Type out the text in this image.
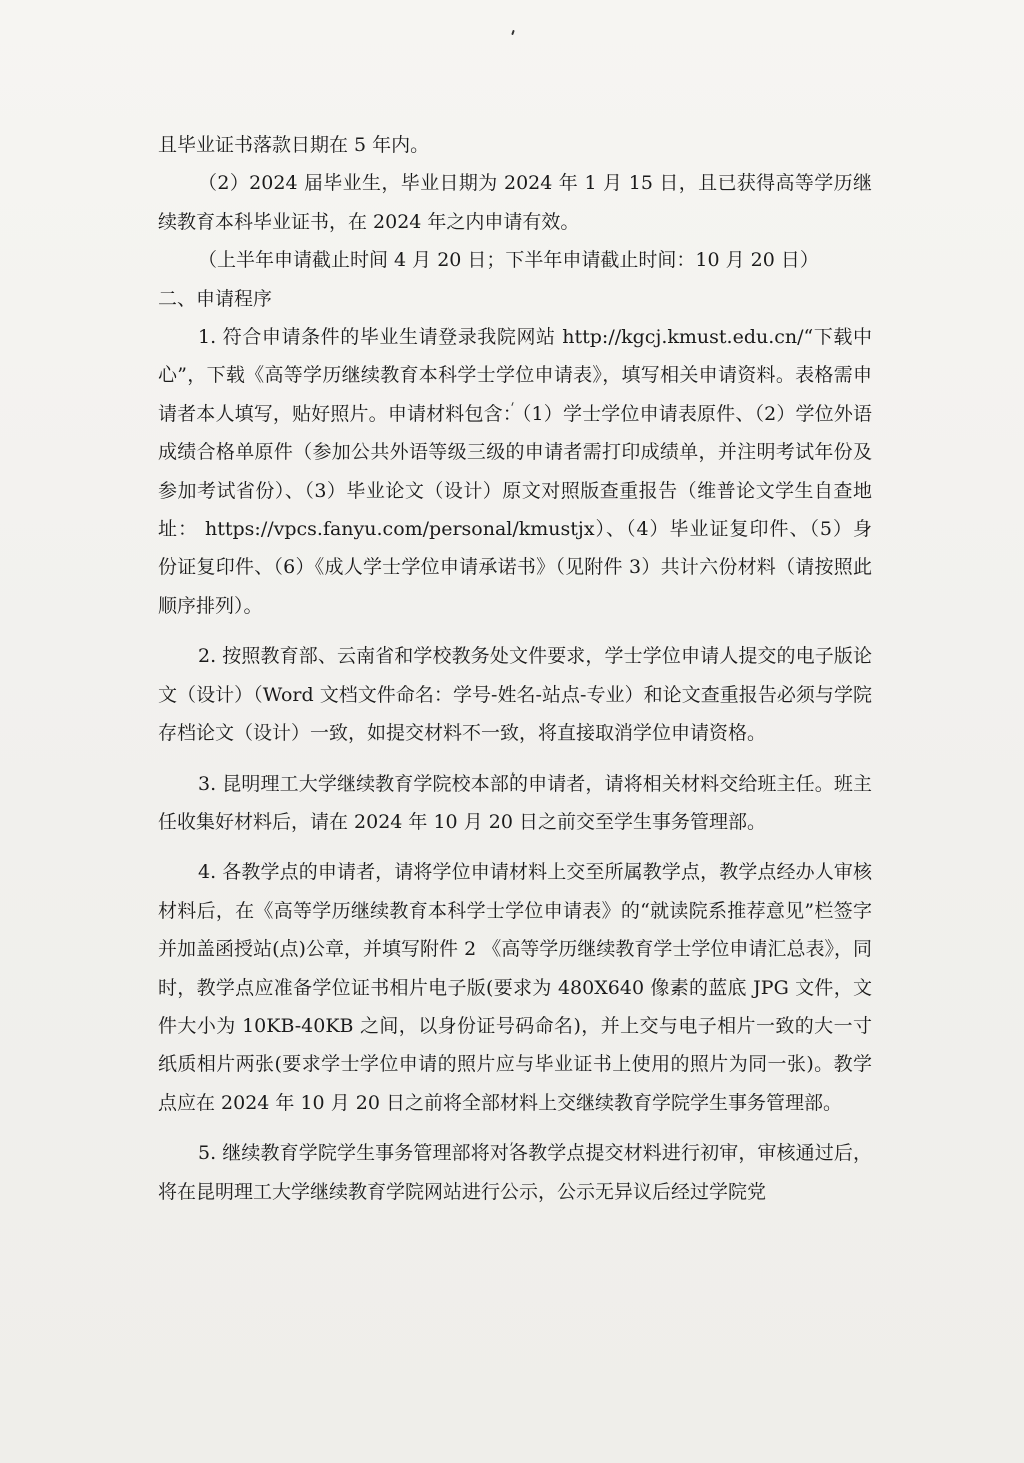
且毕业证书落款日期在 5 年内。

（2）2024 届毕业生，毕业日期为 2024 年 1 月 15 日，且已获得高等学历继续教育本科毕业证书，在 2024 年之内申请有效。

（上半年申请截止时间 4 月 20 日；下半年申请截止时间：10 月 20 日）

二、申请程序

1. 符合申请条件的毕业生请登录我院网站 http://kgcj.kmust.edu.cn/“下载中心”，下载《高等学历继续教育本科学士学位申请表》，填写相关申请资料。表格需申请者本人填写，贴好照片。申请材料包含：（1）学士学位申请表原件、（2）学位外语成绩合格单原件（参加公共外语等级三级的申请者需打印成绩单，并注明考试年份及参加考试省份）、（3）毕业论文（设计）原文对照版查重报告（维普论文学生自查地址： https://vpcs.fanyu.com/personal/kmustjx）、（4）毕业证复印件、（5）身份证复印件、（6）《成人学士学位申请承诺书》（见附件 3）共计六份材料（请按照此顺序排列）。

2. 按照教育部、云南省和学校教务处文件要求，学士学位申请人提交的电子版论文（设计）（Word 文档文件命名：学号-姓名-站点-专业）和论文查重报告必须与学院存档论文（设计）一致，如提交材料不一致，将直接取消学位申请资格。

3. 昆明理工大学继续教育学院校本部的申请者，请将相关材料交给班主任。班主任收集好材料后，请在 2024 年 10 月 20 日之前交至学生事务管理部。

4. 各教学点的申请者，请将学位申请材料上交至所属教学点，教学点经办人审核材料后，在《高等学历继续教育本科学士学位申请表》的“就读院系推荐意见”栏签字并加盖函授站(点)公章，并填写附件 2 《高等学历继续教育学士学位申请汇总表》，同时，教学点应准备学位证书相片电子版(要求为 480X640 像素的蓝底 JPG 文件，文件大小为 10KB-40KB 之间，以身份证号码命名)，并上交与电子相片一致的大一寸纸质相片两张(要求学士学位申请的照片应与毕业证书上使用的照片为同一张)。教学点应在 2024 年 10 月 20 日之前将全部材料上交继续教育学院学生事务管理部。

5. 继续教育学院学生事务管理部将对各教学点提交材料进行初审，审核通过后，将在昆明理工大学继续教育学院网站进行公示，公示无异议后经过学院党
